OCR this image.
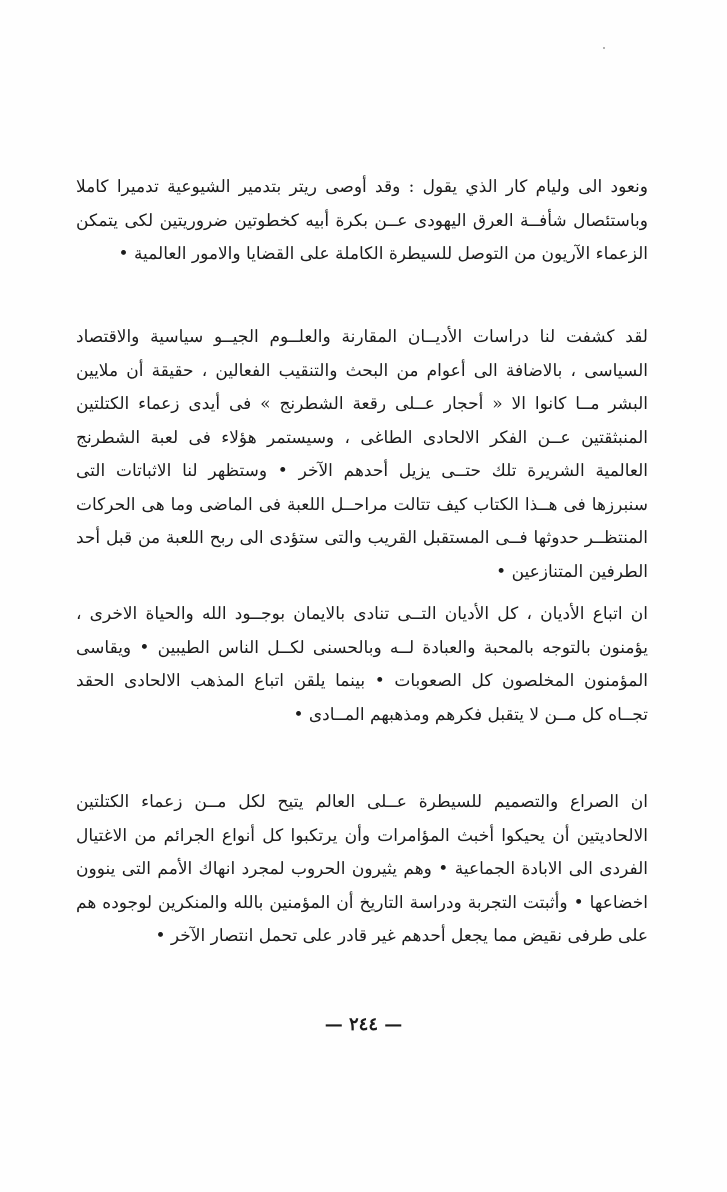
ونعود الى وليام كار الذي يقول : وقد أوصى ريتر بتدمير الشيوعية تدميرا كاملا وباستئصال شأفــة العرق اليهودى عــن بكرة أبيه كخطوتين ضروريتين لكى يتمكن الزعماء الآريون من التوصل للسيطرة الكاملة على القضايا والامور العالمية •

لقد كشفت لنا دراسات الأديــان المقارنة والعلــوم الجيــو سياسية والاقتصاد السياسى ، بالاضافة الى أعوام من البحث والتنقيب الفعالين ، حقيقة أن ملايين البشر مــا كانوا الا « أحجار عــلى رقعة الشطرنج » فى أيدى زعماء الكتلتين المنبثقتين عــن الفكر الالحادى الطاغى ، وسيستمر هؤلاء فى لعبة الشطرنج العالمية الشريرة تلك حتــى يزيل أحدهم الآخر • وستظهر لنا الاثباتات التى سنبرزها فى هــذا الكتاب كيف تتالت مراحــل اللعبة فى الماضى وما هى الحركات المنتظــر حدوثها فــى المستقبل القريب والتى ستؤدى الى ربح اللعبة من قبل أحد الطرفين المتنازعين •

ان اتباع الأديان ، كل الأديان التــى تنادى بالايمان بوجــود الله والحياة الاخرى ، يؤمنون بالتوجه بالمحبة والعبادة لــه وبالحسنى لكــل الناس الطيبين • ويقاسى المؤمنون المخلصون كل الصعوبات • بينما يلقن اتباع المذهب الالحادى الحقد تجــاه كل مــن لا يتقبل فكرهم ومذهبهم المــادى •

ان الصراع والتصميم للسيطرة عــلى العالم يتيح لكل مــن زعماء الكتلتين الالحاديتين أن يحيكوا أخبث المؤامرات وأن يرتكبوا كل أنواع الجرائم من الاغتيال الفردى الى الابادة الجماعية • وهم يثيرون الحروب لمجرد انهاك الأمم التى ينوون اخضاعها • وأثبتت التجربة ودراسة التاريخ أن المؤمنين بالله والمنكرين لوجوده هم على طرفى نقيض مما يجعل أحدهم غير قادر على تحمل انتصار الآخر •

— ٢٤٤ —
